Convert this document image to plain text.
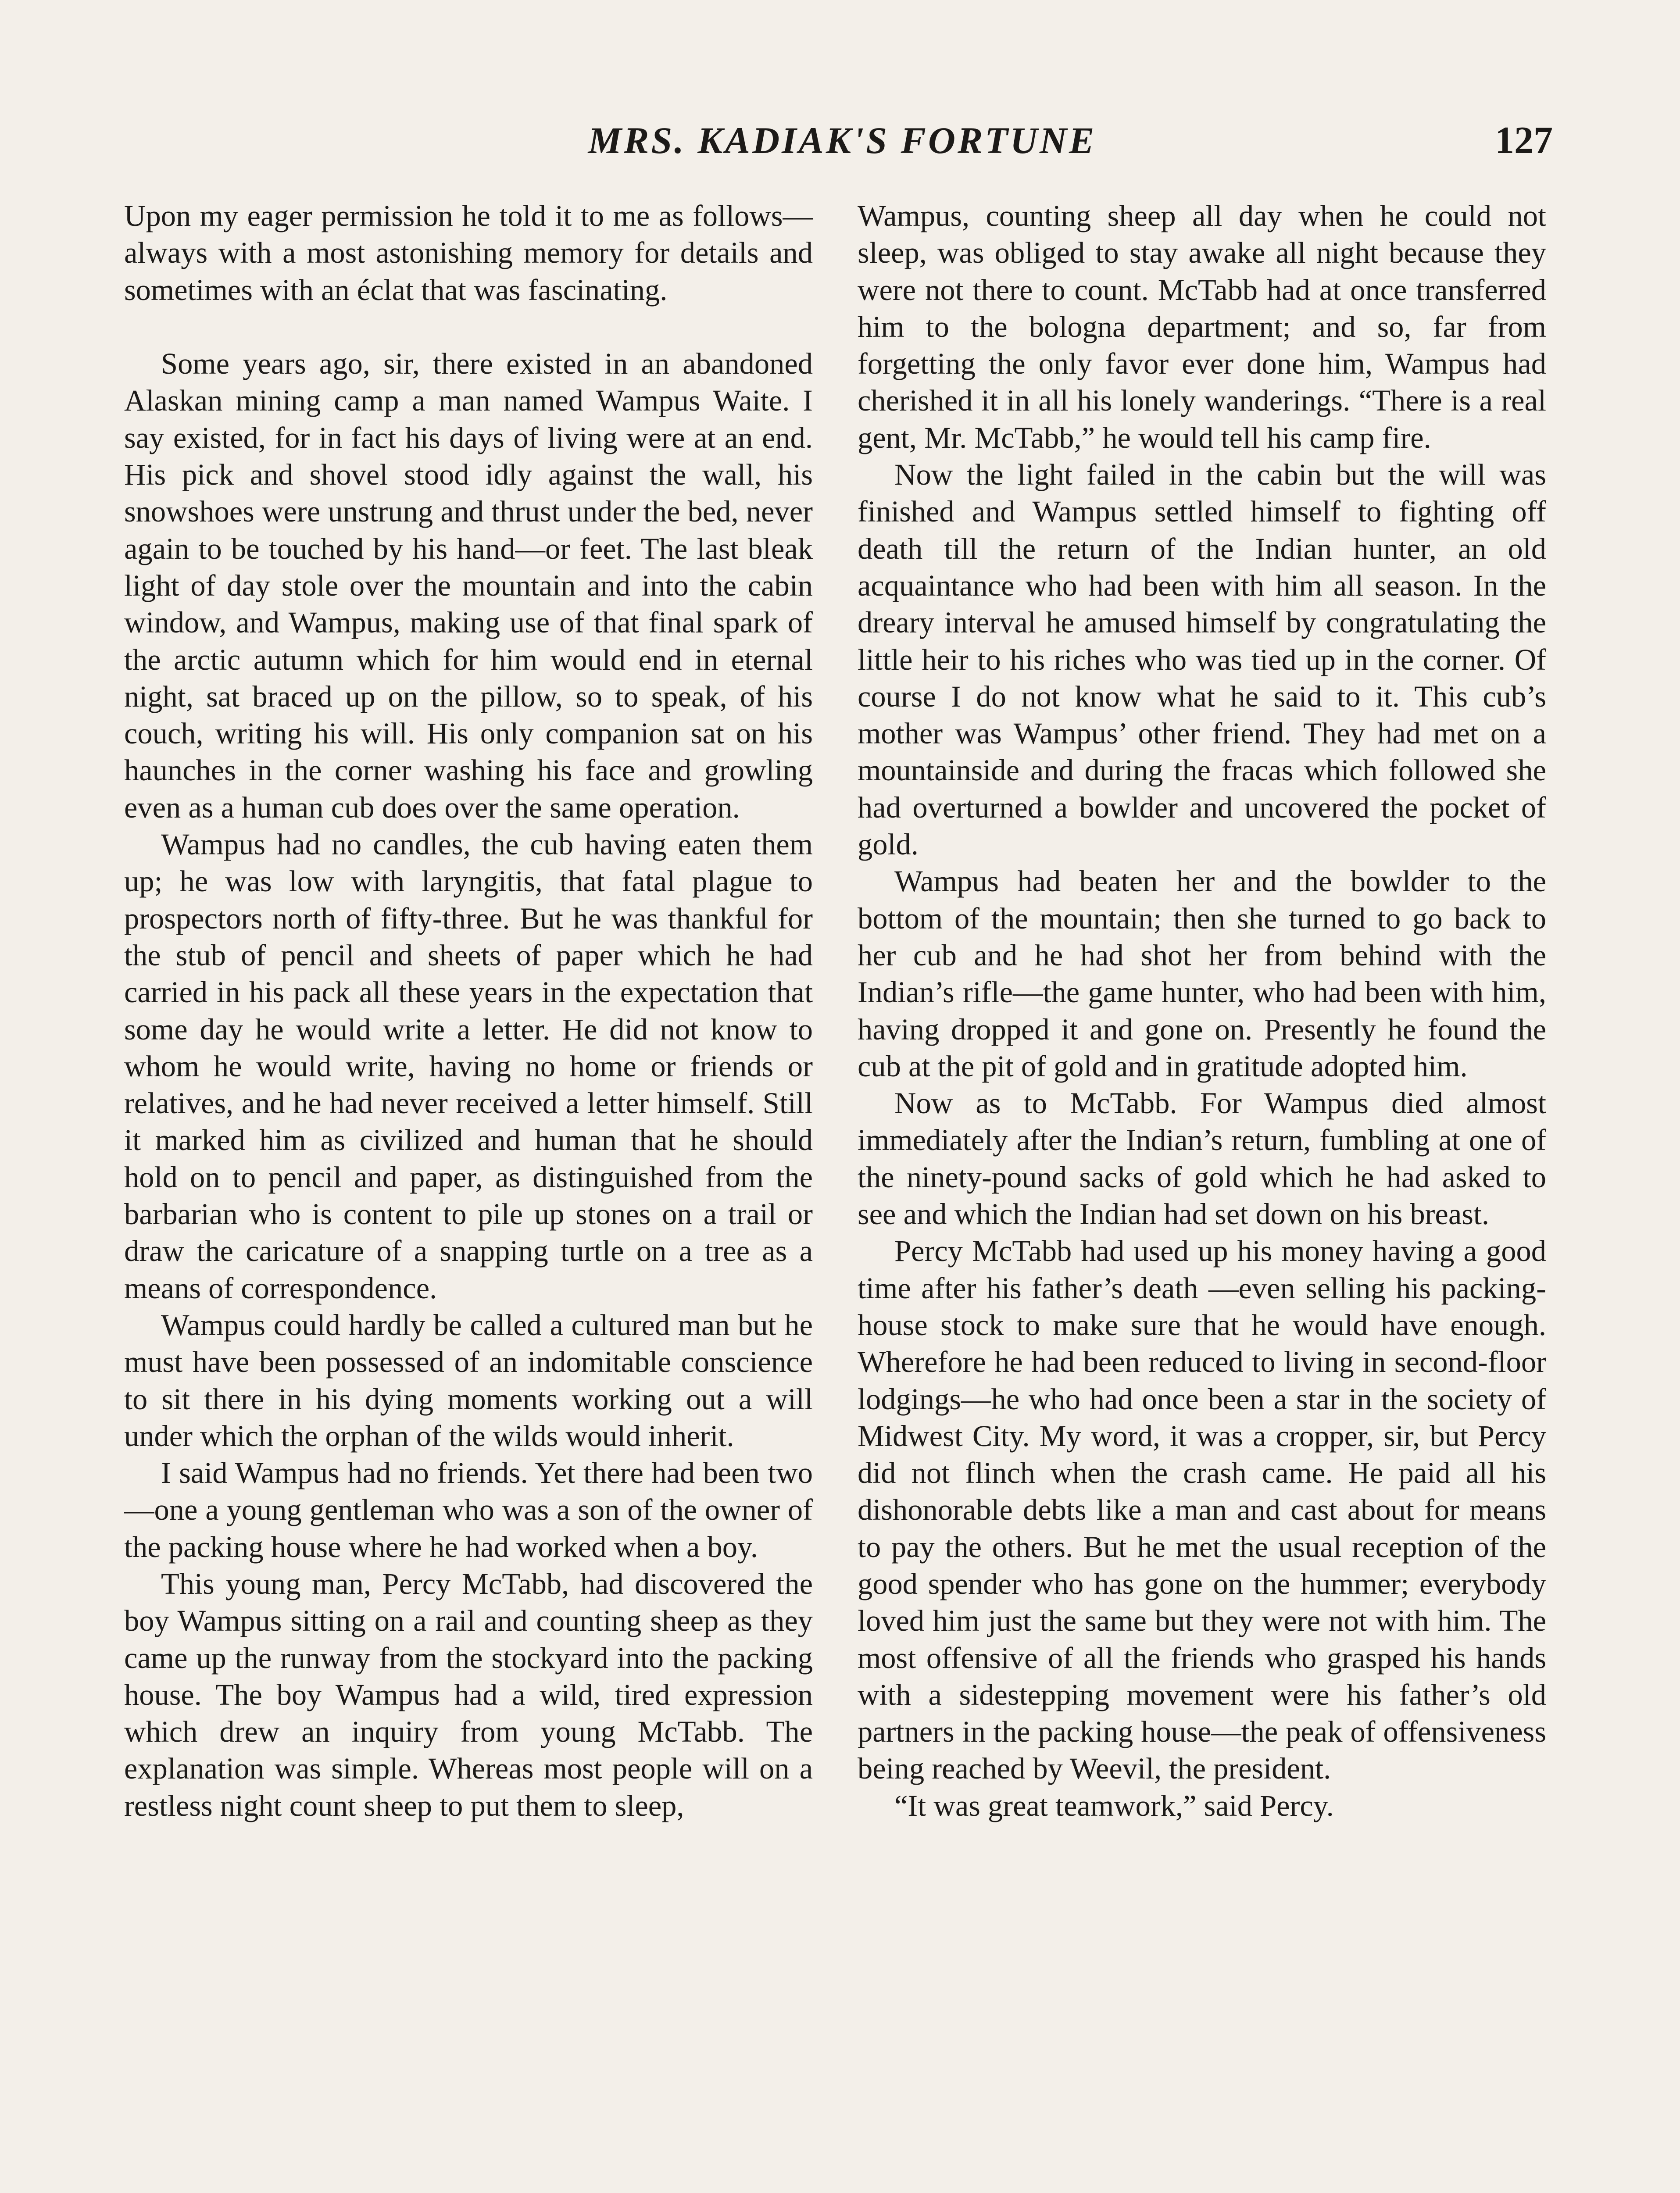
MRS. KADIAK'S FORTUNE	127

Upon my eager permission he told it to me as follows—always with a most astonishing memory for details and sometimes with an éclat that was fascinating.

Some years ago, sir, there existed in an abandoned Alaskan mining camp a man named Wampus Waite. I say existed, for in fact his days of living were at an end. His pick and shovel stood idly against the wall, his snowshoes were unstrung and thrust under the bed, never again to be touched by his hand—or feet. The last bleak light of day stole over the mountain and into the cabin window, and Wampus, making use of that final spark of the arctic autumn which for him would end in eternal night, sat braced up on the pillow, so to speak, of his couch, writing his will. His only companion sat on his haunches in the corner washing his face and growling even as a human cub does over the same operation.

Wampus had no candles, the cub having eaten them up; he was low with laryngitis, that fatal plague to prospectors north of fifty-three. But he was thankful for the stub of pencil and sheets of paper which he had carried in his pack all these years in the expectation that some day he would write a letter. He did not know to whom he would write, having no home or friends or relatives, and he had never received a letter himself. Still it marked him as civilized and human that he should hold on to pencil and paper, as distinguished from the barbarian who is content to pile up stones on a trail or draw the caricature of a snapping turtle on a tree as a means of correspondence.

Wampus could hardly be called a cultured man but he must have been possessed of an indomitable conscience to sit there in his dying moments working out a will under which the orphan of the wilds would inherit.

I said Wampus had no friends. Yet there had been two—one a young gentleman who was a son of the owner of the packing house where he had worked when a boy.

This young man, Percy McTabb, had discovered the boy Wampus sitting on a rail and counting sheep as they came up the runway from the stockyard into the packing house. The boy Wampus had a wild, tired expression which drew an inquiry from young McTabb. The explanation was simple. Whereas most people will on a restless night count sheep to put them to sleep,

Wampus, counting sheep all day when he could not sleep, was obliged to stay awake all night because they were not there to count. McTabb had at once transferred him to the bologna department; and so, far from forgetting the only favor ever done him, Wampus had cherished it in all his lonely wanderings. “There is a real gent, Mr. McTabb,” he would tell his camp fire.

Now the light failed in the cabin but the will was finished and Wampus settled himself to fighting off death till the return of the Indian hunter, an old acquaintance who had been with him all season. In the dreary interval he amused himself by congratulating the little heir to his riches who was tied up in the corner. Of course I do not know what he said to it. This cub’s mother was Wampus’ other friend. They had met on a mountainside and during the fracas which followed she had overturned a bowlder and uncovered the pocket of gold.

Wampus had beaten her and the bowlder to the bottom of the mountain; then she turned to go back to her cub and he had shot her from behind with the Indian’s rifle—the game hunter, who had been with him, having dropped it and gone on. Presently he found the cub at the pit of gold and in gratitude adopted him.

Now as to McTabb. For Wampus died almost immediately after the Indian’s return, fumbling at one of the ninety-pound sacks of gold which he had asked to see and which the Indian had set down on his breast.

Percy McTabb had used up his money having a good time after his father’s death —even selling his packing-house stock to make sure that he would have enough. Wherefore he had been reduced to living in second-floor lodgings—he who had once been a star in the society of Midwest City. My word, it was a cropper, sir, but Percy did not flinch when the crash came. He paid all his dishonorable debts like a man and cast about for means to pay the others. But he met the usual reception of the good spender who has gone on the hummer; everybody loved him just the same but they were not with him. The most offensive of all the friends who grasped his hands with a sidestepping movement were his father’s old partners in the packing house—the peak of offensiveness being reached by Weevil, the president.

“It was great teamwork,” said Percy.
